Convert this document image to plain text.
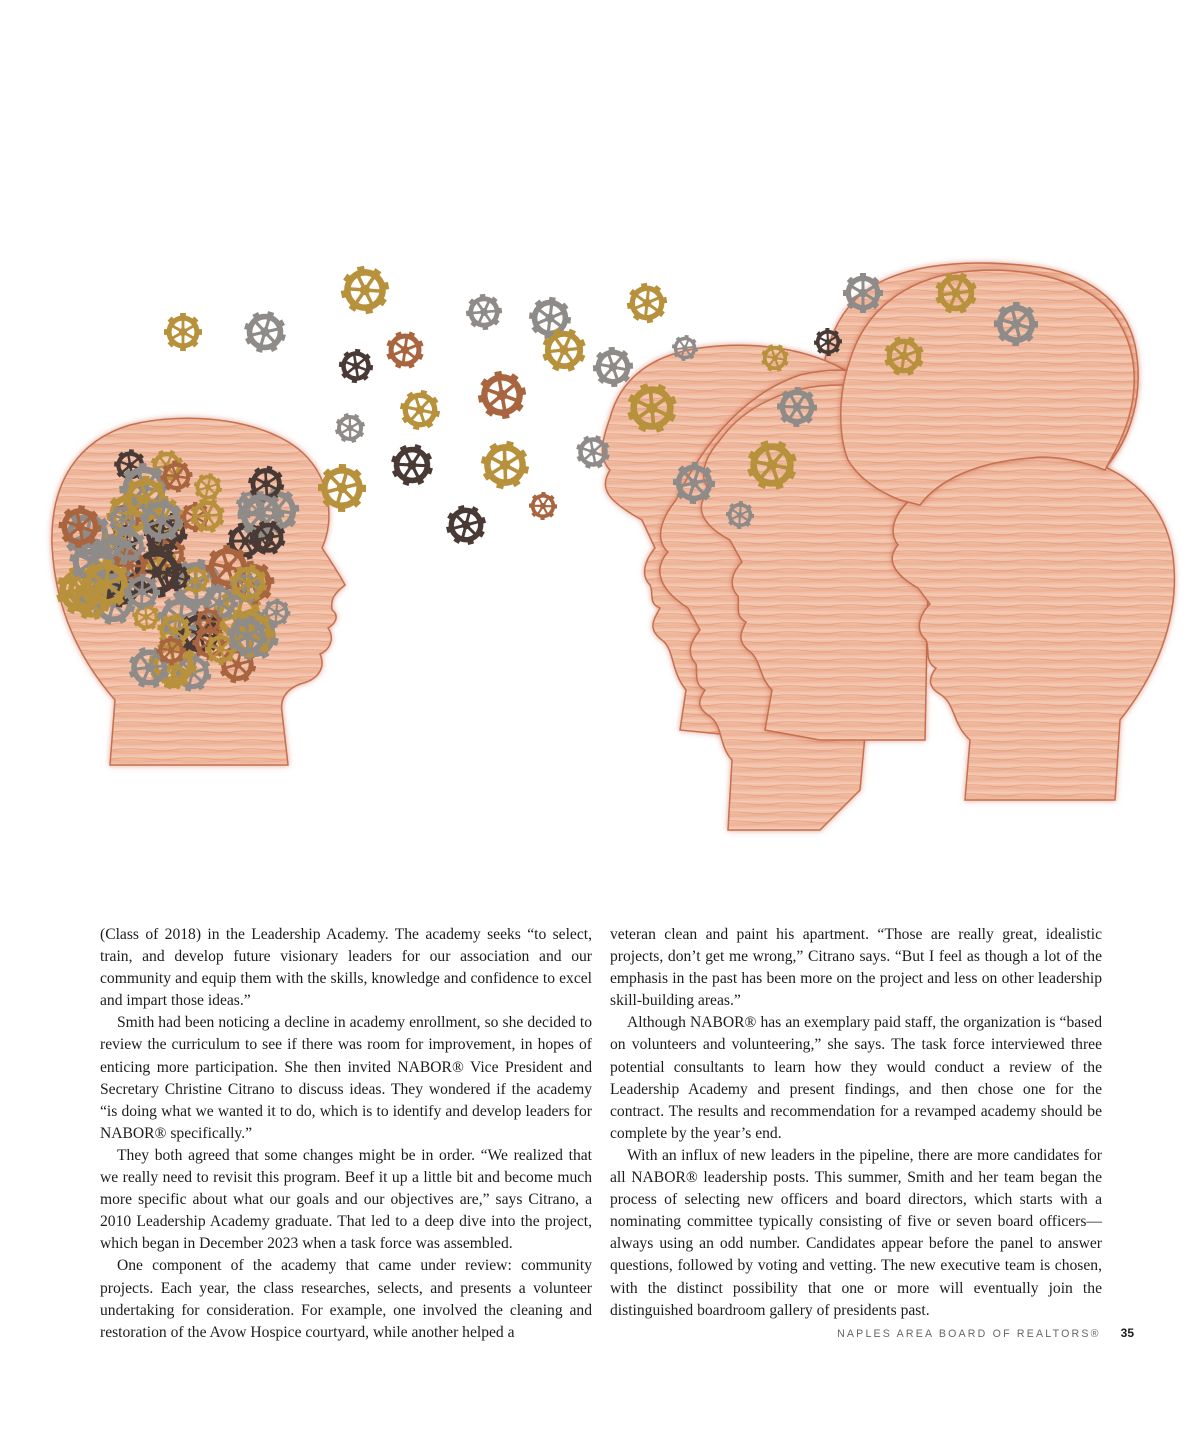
(Class of 2018) in the Leadership Academy. The academy seeks “to select, train, and develop future visionary leaders for our association and our community and equip them with the skills, knowledge and confidence to excel and impart those ideas.”

Smith had been noticing a decline in academy enrollment, so she decided to review the curriculum to see if there was room for improvement, in hopes of enticing more participation. She then invited NABOR® Vice President and Secretary Christine Citrano to discuss ideas. They wondered if the academy “is doing what we wanted it to do, which is to identify and develop leaders for NABOR® specifically.”

They both agreed that some changes might be in order. “We realized that we really need to revisit this program. Beef it up a little bit and become much more specific about what our goals and our objectives are,” says Citrano, a 2010 Leadership Academy graduate. That led to a deep dive into the project, which began in December 2023 when a task force was assembled.

One component of the academy that came under review: community projects. Each year, the class researches, selects, and presents a volunteer undertaking for consideration. For example, one involved the cleaning and restoration of the Avow Hospice courtyard, while another helped a

veteran clean and paint his apartment. “Those are really great, idealistic projects, don’t get me wrong,” Citrano says. “But I feel as though a lot of the emphasis in the past has been more on the project and less on other leadership skill-building areas.”

Although NABOR® has an exemplary paid staff, the organization is “based on volunteers and volunteering,” she says. The task force interviewed three potential consultants to learn how they would conduct a review of the Leadership Academy and present findings, and then chose one for the contract. The results and recommendation for a revamped academy should be complete by the year’s end.

With an influx of new leaders in the pipeline, there are more candidates for all NABOR® leadership posts. This summer, Smith and her team began the process of selecting new officers and board directors, which starts with a nominating committee typically consisting of five or seven board officers—always using an odd number. Candidates appear before the panel to answer questions, followed by voting and vetting. The new executive team is chosen, with the distinct possibility that one or more will eventually join the distinguished boardroom gallery of presidents past.

NAPLES AREA BOARD OF REALTORS® 35
